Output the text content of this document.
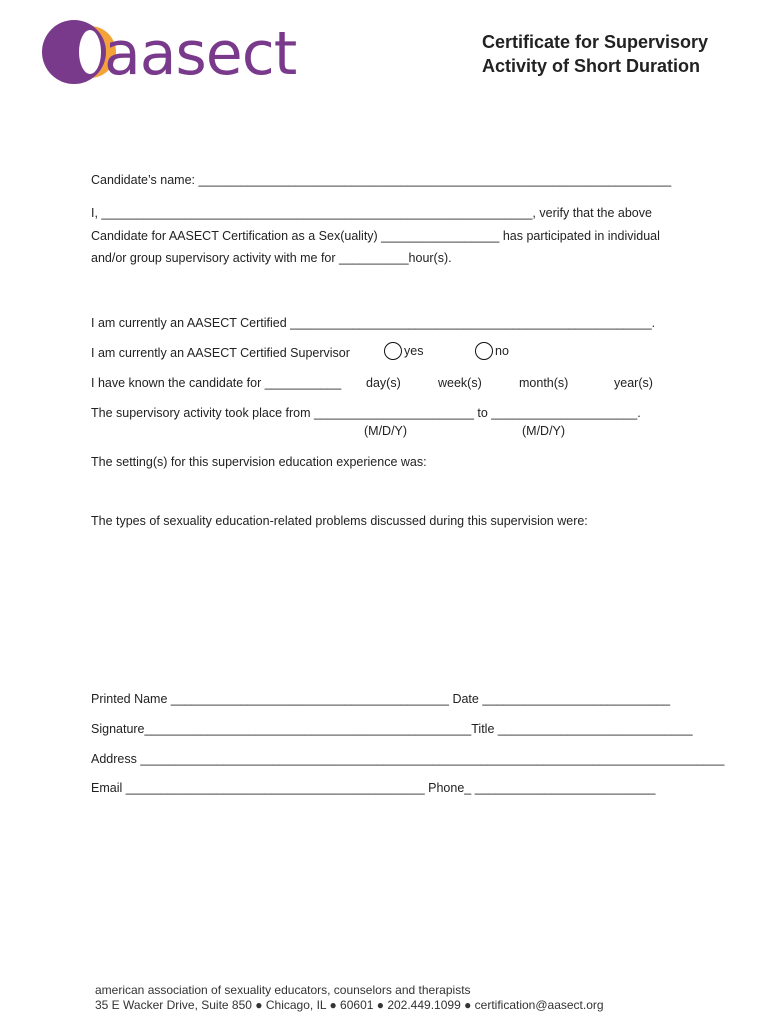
aasect	Certificate for Supervisory
Activity of Short Duration
Candidate’s name: ____________________________________________________________________
I, ______________________________________________________________, verify that the above
Candidate for AASECT Certification as a Sex(uality) _________________ has participated in individual
and/or group supervisory activity with me for __________hour(s).
I am currently an AASECT Certified ____________________________________________________.
I am currently an AASECT Certified Supervisor	yes	no
I have known the candidate for ___________ day(s)	week(s)	month(s)	year(s)
The supervisory activity took place from _______________________ to _____________________.
(M/D/Y)	(M/D/Y)
The setting(s) for this supervision education experience was:
The types of sexuality education-related problems discussed during this supervision were:
Printed Name ________________________________________ Date ___________________________
Signature_______________________________________________Title ____________________________
Address ____________________________________________________________________________________
Email ___________________________________________ Phone_ __________________________
american association of sexuality educators, counselors and therapists
35 E Wacker Drive, Suite 850 ● Chicago, IL ● 60601 ● 202.449.1099 ● certification@aasect.org
